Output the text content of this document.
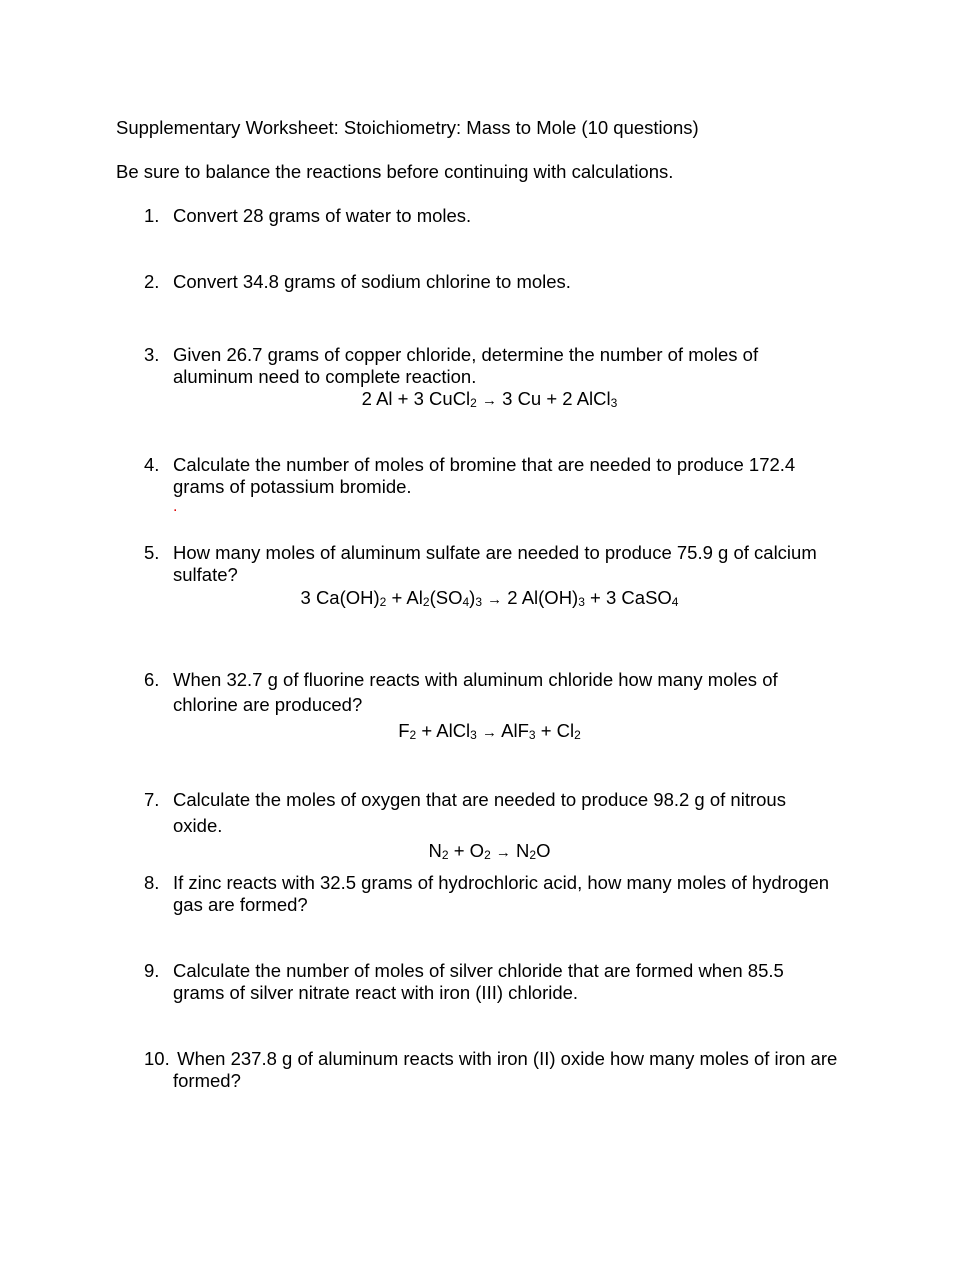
Supplementary Worksheet: Stoichiometry: Mass to Mole (10 questions)
Be sure to balance the reactions before continuing with calculations.
1. Convert 28 grams of water to moles.
2. Convert 34.8 grams of sodium chlorine to moles.
3. Given 26.7 grams of copper chloride, determine the number of moles of
aluminum need to complete reaction.
2 Al + 3 CuCl$_2$ → 3 Cu + 2 AlCl$_3$
4. Calculate the number of moles of bromine that are needed to produce 172.4
grams of potassium bromide.
.
5. How many moles of aluminum sulfate are needed to produce 75.9 g of calcium
sulfate?
3 $Ca(OH)_2 + Al_2(SO_4)_3 \to 2$ $Al(OH)_3 + 3$ CaSO$_4$
6. When 32.7 g of fluorine reacts with aluminum chloride how many moles of
chlorine are produced?
$F_2$ + AlCl$_3$ → $AlF_3 + Cl_2$
7. Calculate the moles of oxygen that are needed to produce 98.2 g of nitrous
oxide.
$N_2 + O_2 \to N_2O$
8. If zinc reacts with 32.5 grams of hydrochloric acid, how many moles of hydrogen
gas are formed?
9. Calculate the number of moles of silver chloride that are formed when 85.5
grams of silver nitrate react with iron (III) chloride.
10. When 237.8 g of aluminum reacts with iron (II) oxide how many moles of iron are
formed?
